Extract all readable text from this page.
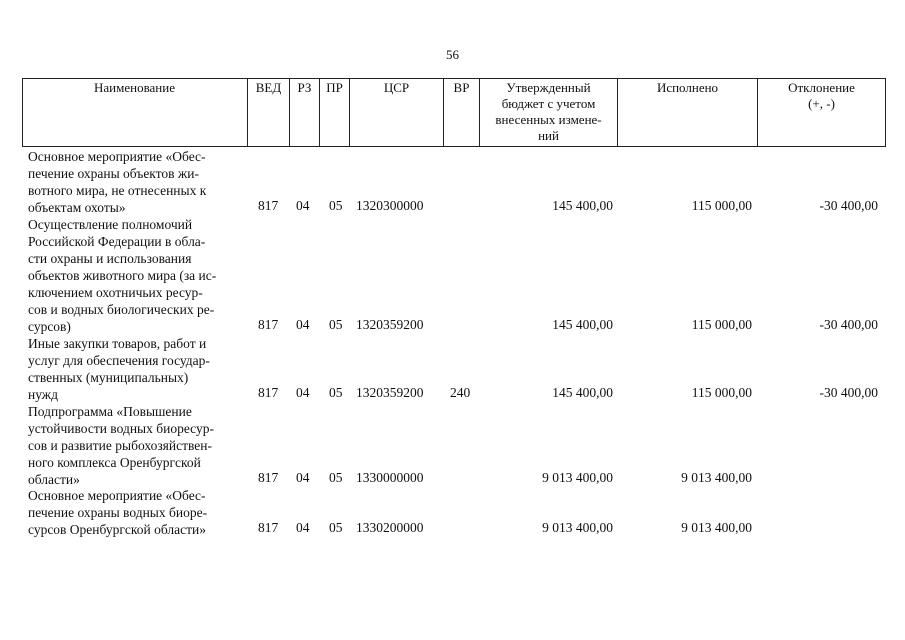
56
Наименование	ВЕД	РЗ	ПР	ЦСР	ВР	Утвержденный
бюджет с учетом
внесенных измене-
ний
Исполнено	Отклонение
(+, -)
Основное мероприятие «Обес-
печение охраны объектов жи-
вотного мира, не отнесенных к
объектам охоты»	817 04 05 1320300000	145 400,00	115 000,00	-30 400,00
Осуществление полномочий
Российской Федерации в обла-
сти охраны и использования
объектов животного мира (за ис-
ключением охотничьих ресур-
сов и водных биологических ре-
сурсов)	817 04 05 1320359200	145 400,00	115 000,00	-30 400,00
Иные закупки товаров, работ и
услуг для обеспечения государ-
ственных (муниципальных)
нужд	817 04 05 1320359200 240	145 400,00	115 000,00	-30 400,00
Подпрограмма «Повышение
устойчивости водных биоресур-
сов и развитие рыбохозяйствен-
ного комплекса Оренбургской
области»	817 04 05 1330000000	9 013 400,00	9 013 400,00
Основное мероприятие «Обес-
печение охраны водных биоре-
сурсов Оренбургской области»	817 04 05 1330200000	9 013 400,00	9 013 400,00
